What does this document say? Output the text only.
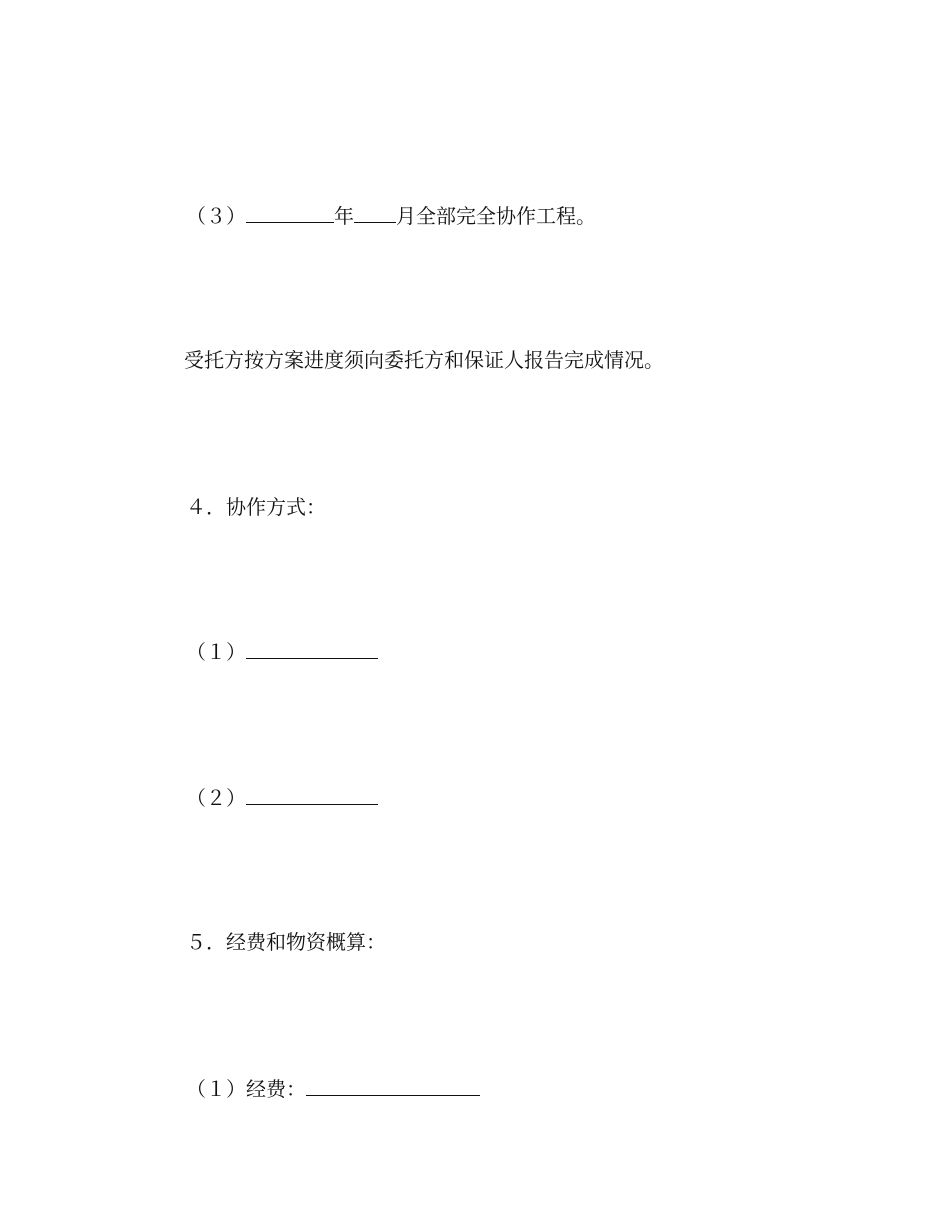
（３）	年 月全部完全协作工程。
受托方按方案进度须向委托方和保证人报告完成情况。
４．协作方式：
（１）
（２）
５．经费和物资概算：
（１）经费：
